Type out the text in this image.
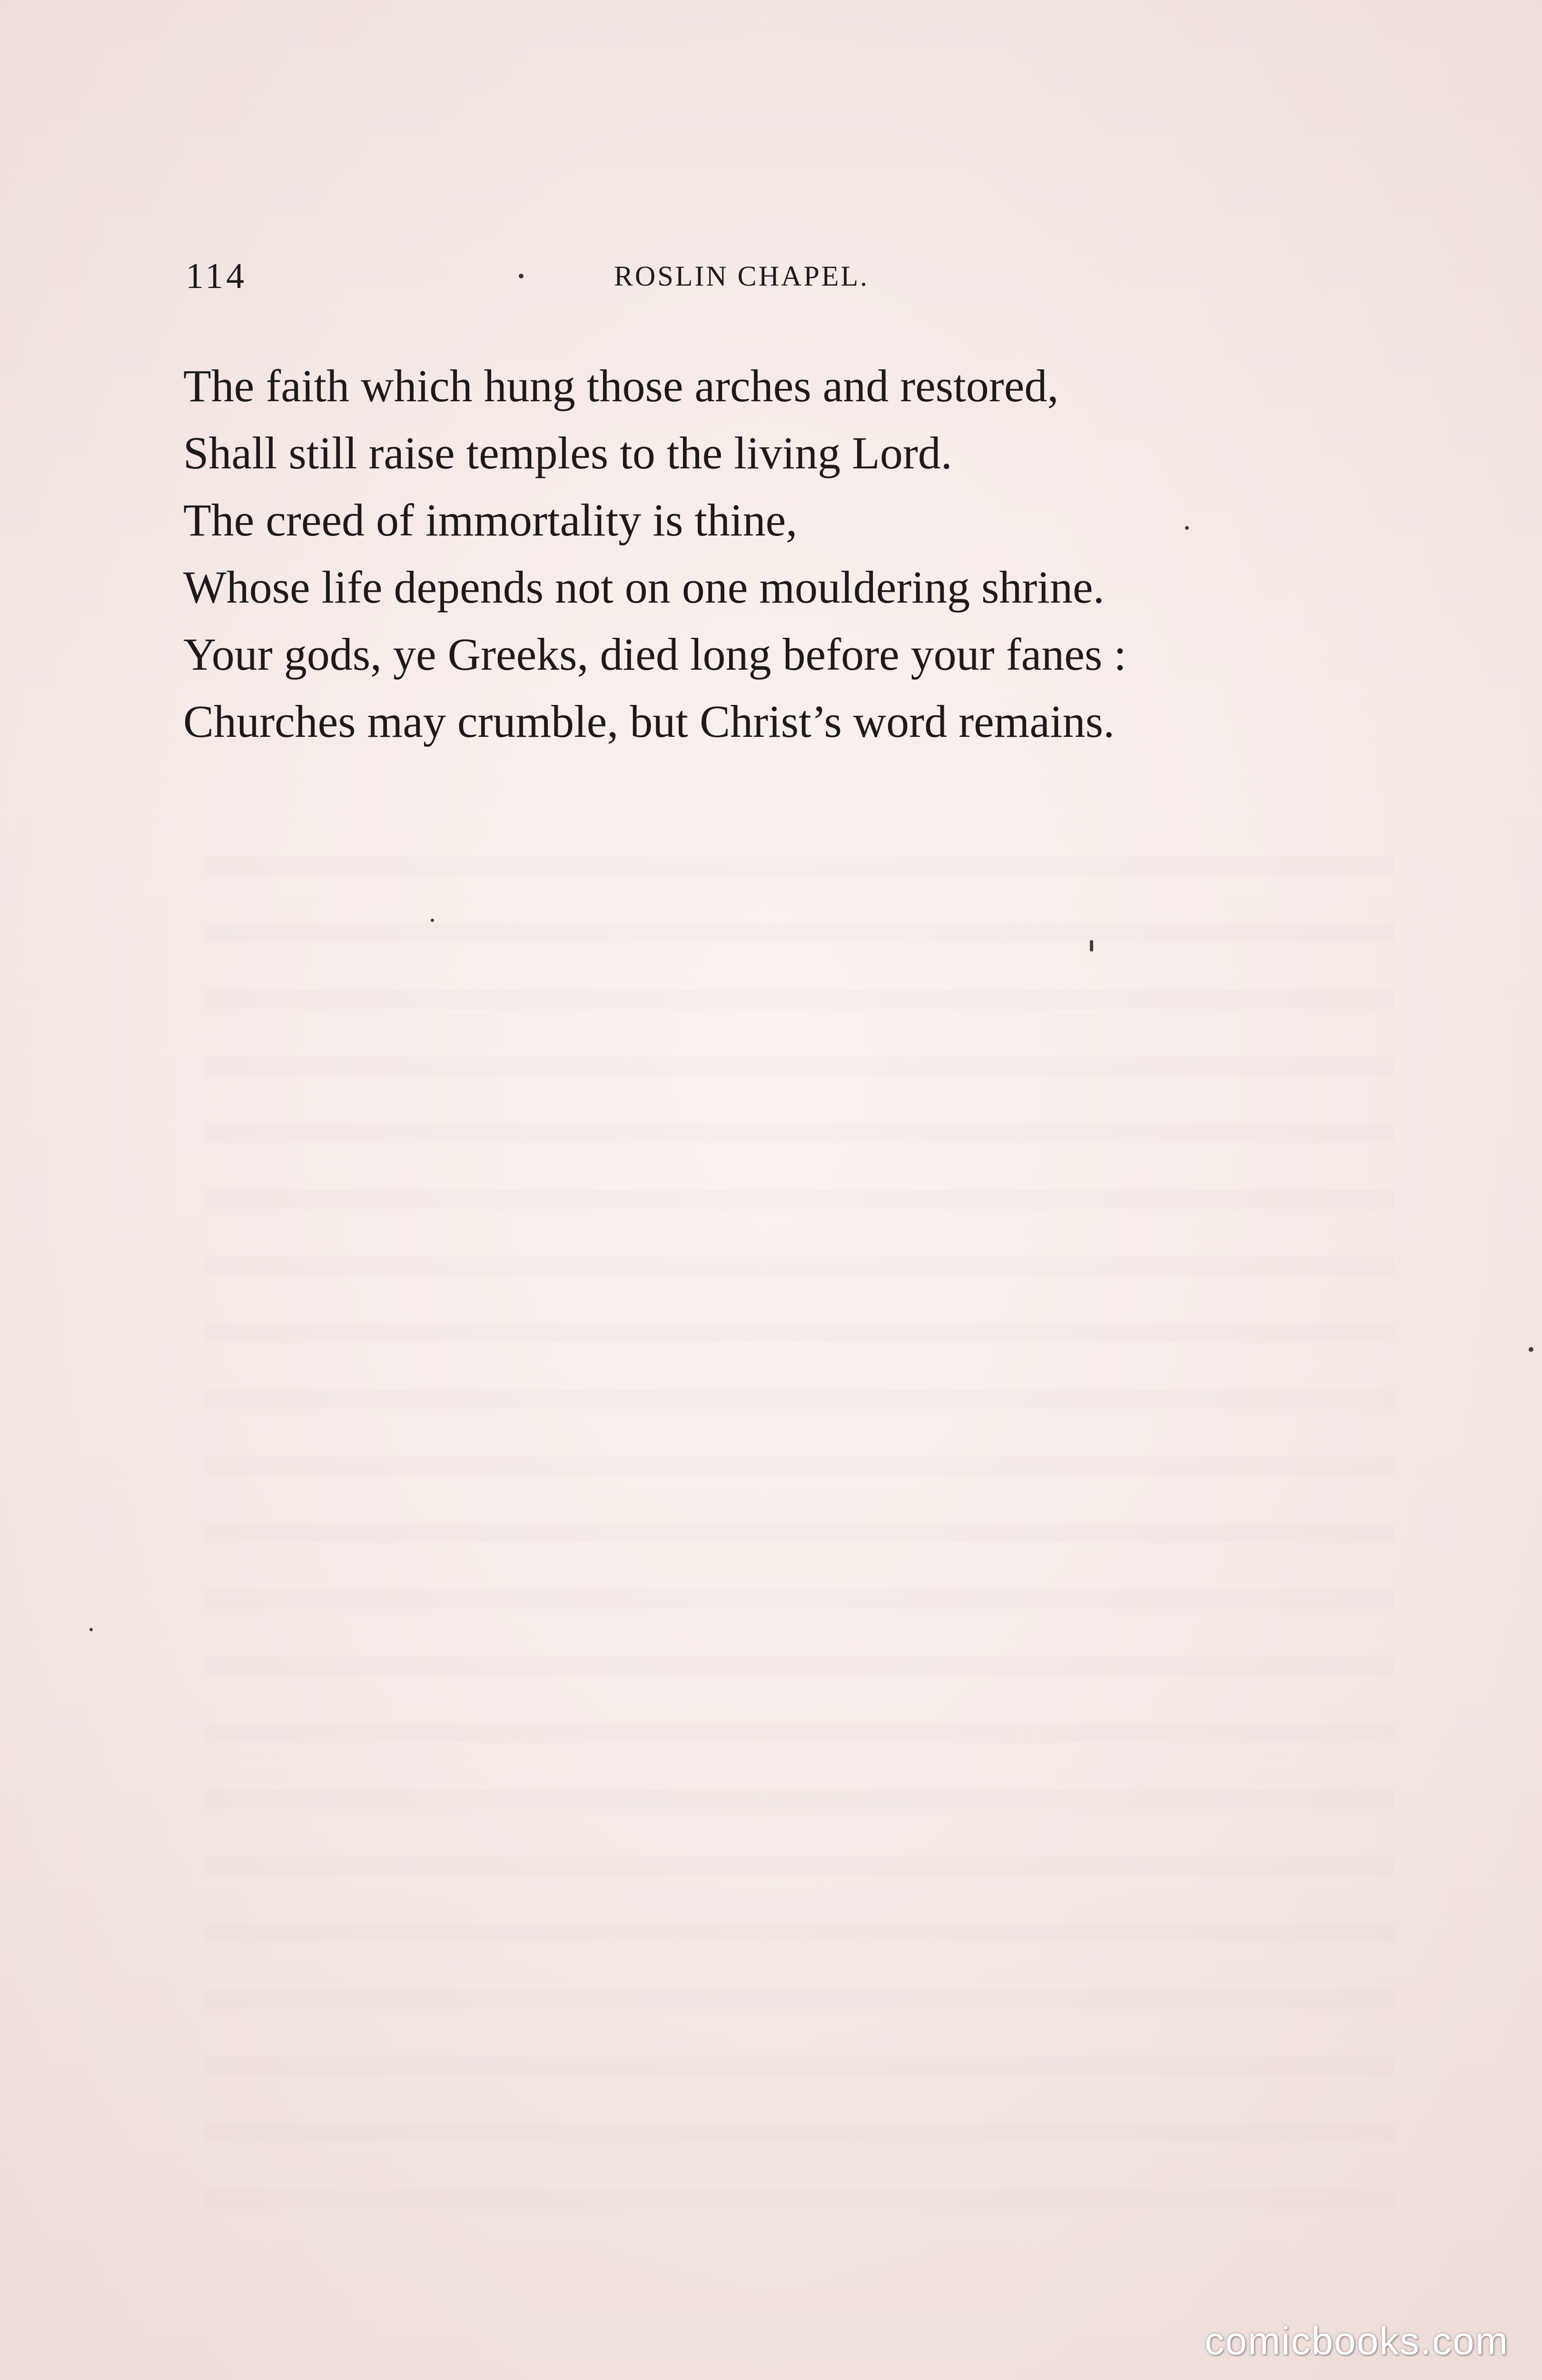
114	ROSLIN CHAPEL.
The faith which hung those arches and restored,
Shall still raise temples to the living Lord.
The creed of immortality is thine,
Whose life depends not on one mouldering shrine.
Your gods, ye Greeks, died long before your fanes :
Churches may crumble, but Christ’s word remains.
comicbooks.com
